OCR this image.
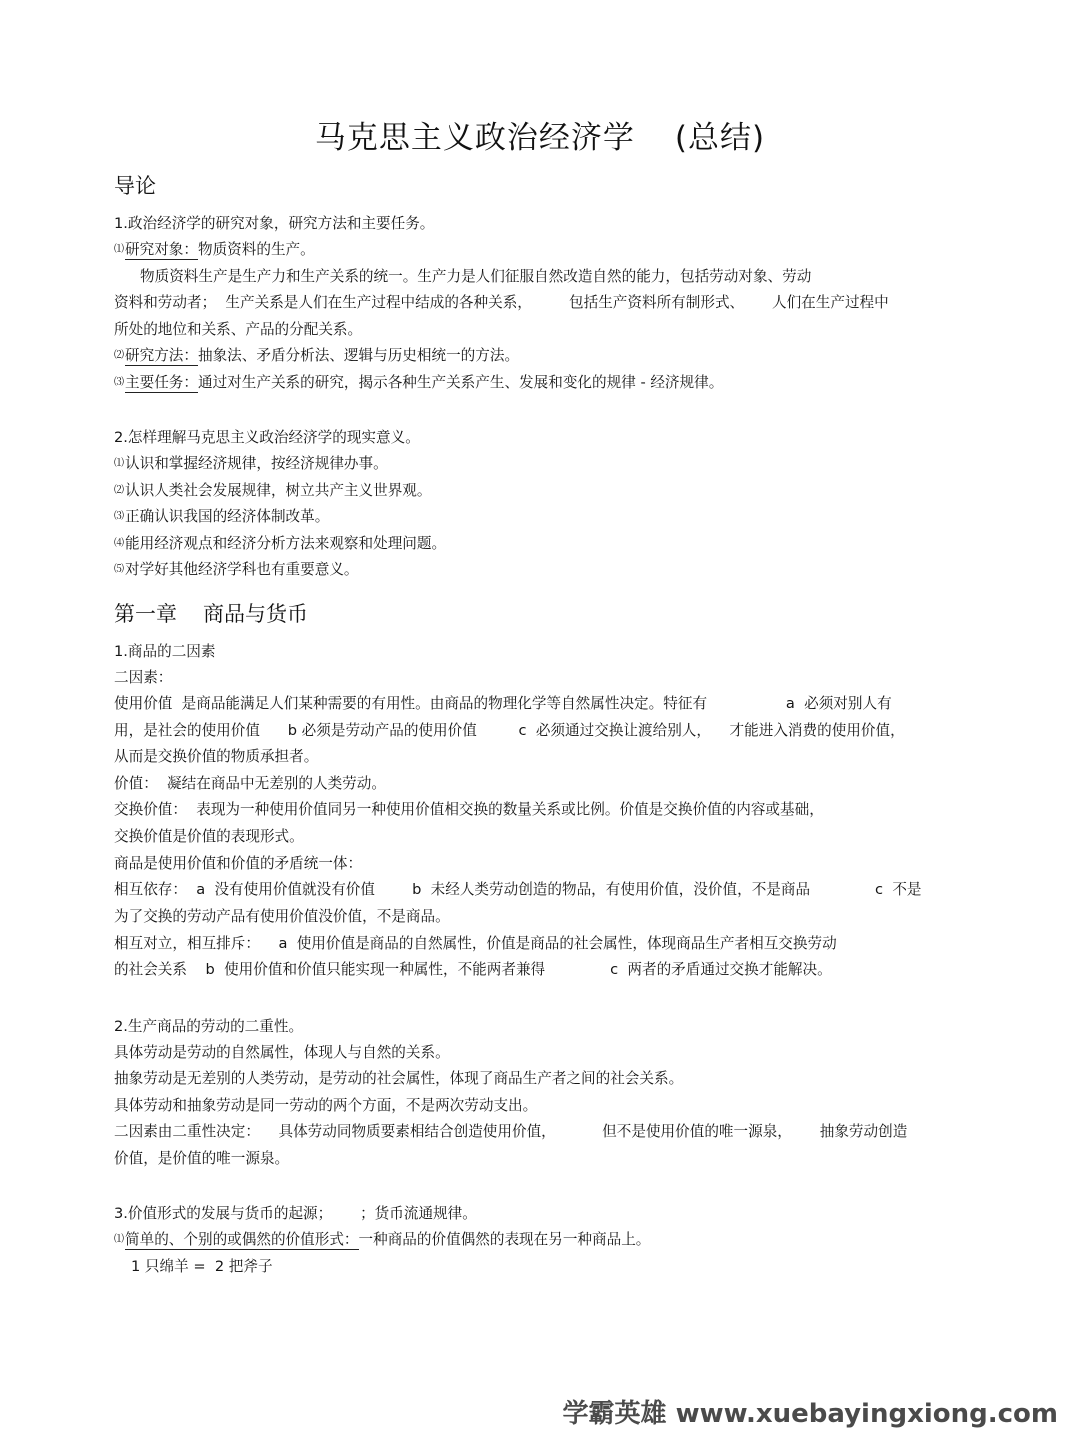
马克思主义政治经济学 (总结)
导论
1.政治经济学的研究对象，研究方法和主要任务。
⑴研究对象：物质资料的生产。
物质资料生产是生产力和生产关系的统一。生产力是人们征服自然改造自然的能力，包括劳动对象、劳动
资料和劳动者；  生产关系是人们在生产过程中结成的各种关系，        包括生产资料所有制形式、      人们在生产过程中
所处的地位和关系、产品的分配关系。
⑵研究方法：抽象法、矛盾分析法、逻辑与历史相统一的方法。
⑶主要任务：通过对生产关系的研究，揭示各种生产关系产生、发展和变化的规律 - 经济规律。
2.怎样理解马克思主义政治经济学的现实意义。
⑴认识和掌握经济规律，按经济规律办事。
⑵认识人类社会发展规律，树立共产主义世界观。
⑶正确认识我国的经济体制改革。
⑷能用经济观点和经济分析方法来观察和处理问题。
⑸对学好其他经济学科也有重要意义。
第一章 商品与货币
1.商品的二因素
二因素：
使用价值  是商品能满足人们某种需要的有用性。由商品的物理化学等自然属性决定。特征有                 a  必须对别人有
用，是社会的使用价值      b 必须是劳动产品的使用价值         c  必须通过交换让渡给别人，    才能进入消费的使用价值，
从而是交换价值的物质承担者。
价值：  凝结在商品中无差别的人类劳动。
交换价值：  表现为一种使用价值同另一种使用价值相交换的数量关系或比例。价值是交换价值的内容或基础，
交换价值是价值的表现形式。
商品是使用价值和价值的矛盾统一体：
相互依存：  a  没有使用价值就没有价值        b  未经人类劳动创造的物品，有使用价值，没价值，不是商品              c  不是
为了交换的劳动产品有使用价值没价值，不是商品。
相互对立，相互排斥：    a  使用价值是商品的自然属性，价值是商品的社会属性，体现商品生产者相互交换劳动
的社会关系    b  使用价值和价值只能实现一种属性，不能两者兼得              c  两者的矛盾通过交换才能解决。
2.生产商品的劳动的二重性。
具体劳动是劳动的自然属性，体现人与自然的关系。
抽象劳动是无差别的人类劳动，是劳动的社会属性，体现了商品生产者之间的社会关系。
具体劳动和抽象劳动是同一劳动的两个方面，不是两次劳动支出。
二因素由二重性决定：    具体劳动同物质要素相结合创造使用价值，          但不是使用价值的唯一源泉，      抽象劳动创造
价值，是价值的唯一源泉。
3.价值形式的发展与货币的起源；      ；货币流通规律。
⑴简单的、个别的或偶然的价值形式：一种商品的价值偶然的表现在另一种商品上。
1 只绵羊 =  2 把斧子
学霸英雄 www.xuebayingxiong.com
